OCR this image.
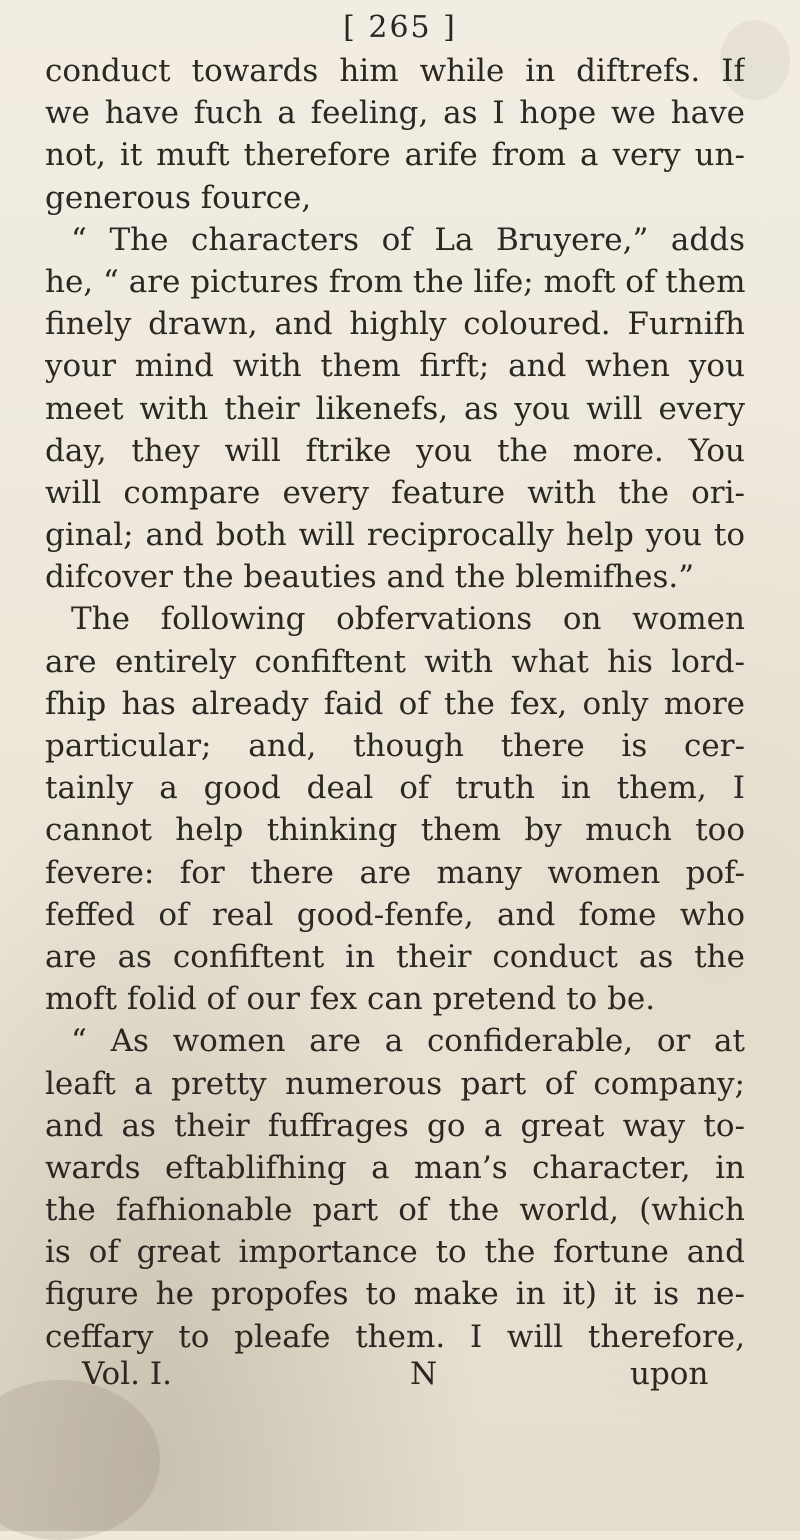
[ 265 ]
conduct towards him while in diftrefs. If
we have fuch a feeling, as I hope we have
not, it muft therefore arife from a very un-
generous fource,
“ The characters of La Bruyere,” adds
he, “ are pictures from the life; moft of them
finely drawn, and highly coloured. Furnifh
your mind with them firft; and when you
meet with their likenefs, as you will every
day, they will ftrike you the more. You
will compare every feature with the ori-
ginal; and both will reciprocally help you to
difcover the beauties and the blemifhes.”
The following obfervations on women
are entirely confiftent with what his lord-
fhip has already faid of the fex, only more
particular; and, though there is cer-
tainly a good deal of truth in them, I
cannot help thinking them by much too
fevere: for there are many women pof-
feffed of real good-fenfe, and fome who
are as confiftent in their conduct as the
moft folid of our fex can pretend to be.
“ As women are a confiderable, or at
leaft a pretty numerous part of company;
and as their fuffrages go a great way to-
wards eftablifhing a man’s character, in
the fafhionable part of the world, (which
is of great importance to the fortune and
figure he propofes to make in it) it is ne-
ceffary to pleafe them. I will therefore,
Vol. I.	N	upon
